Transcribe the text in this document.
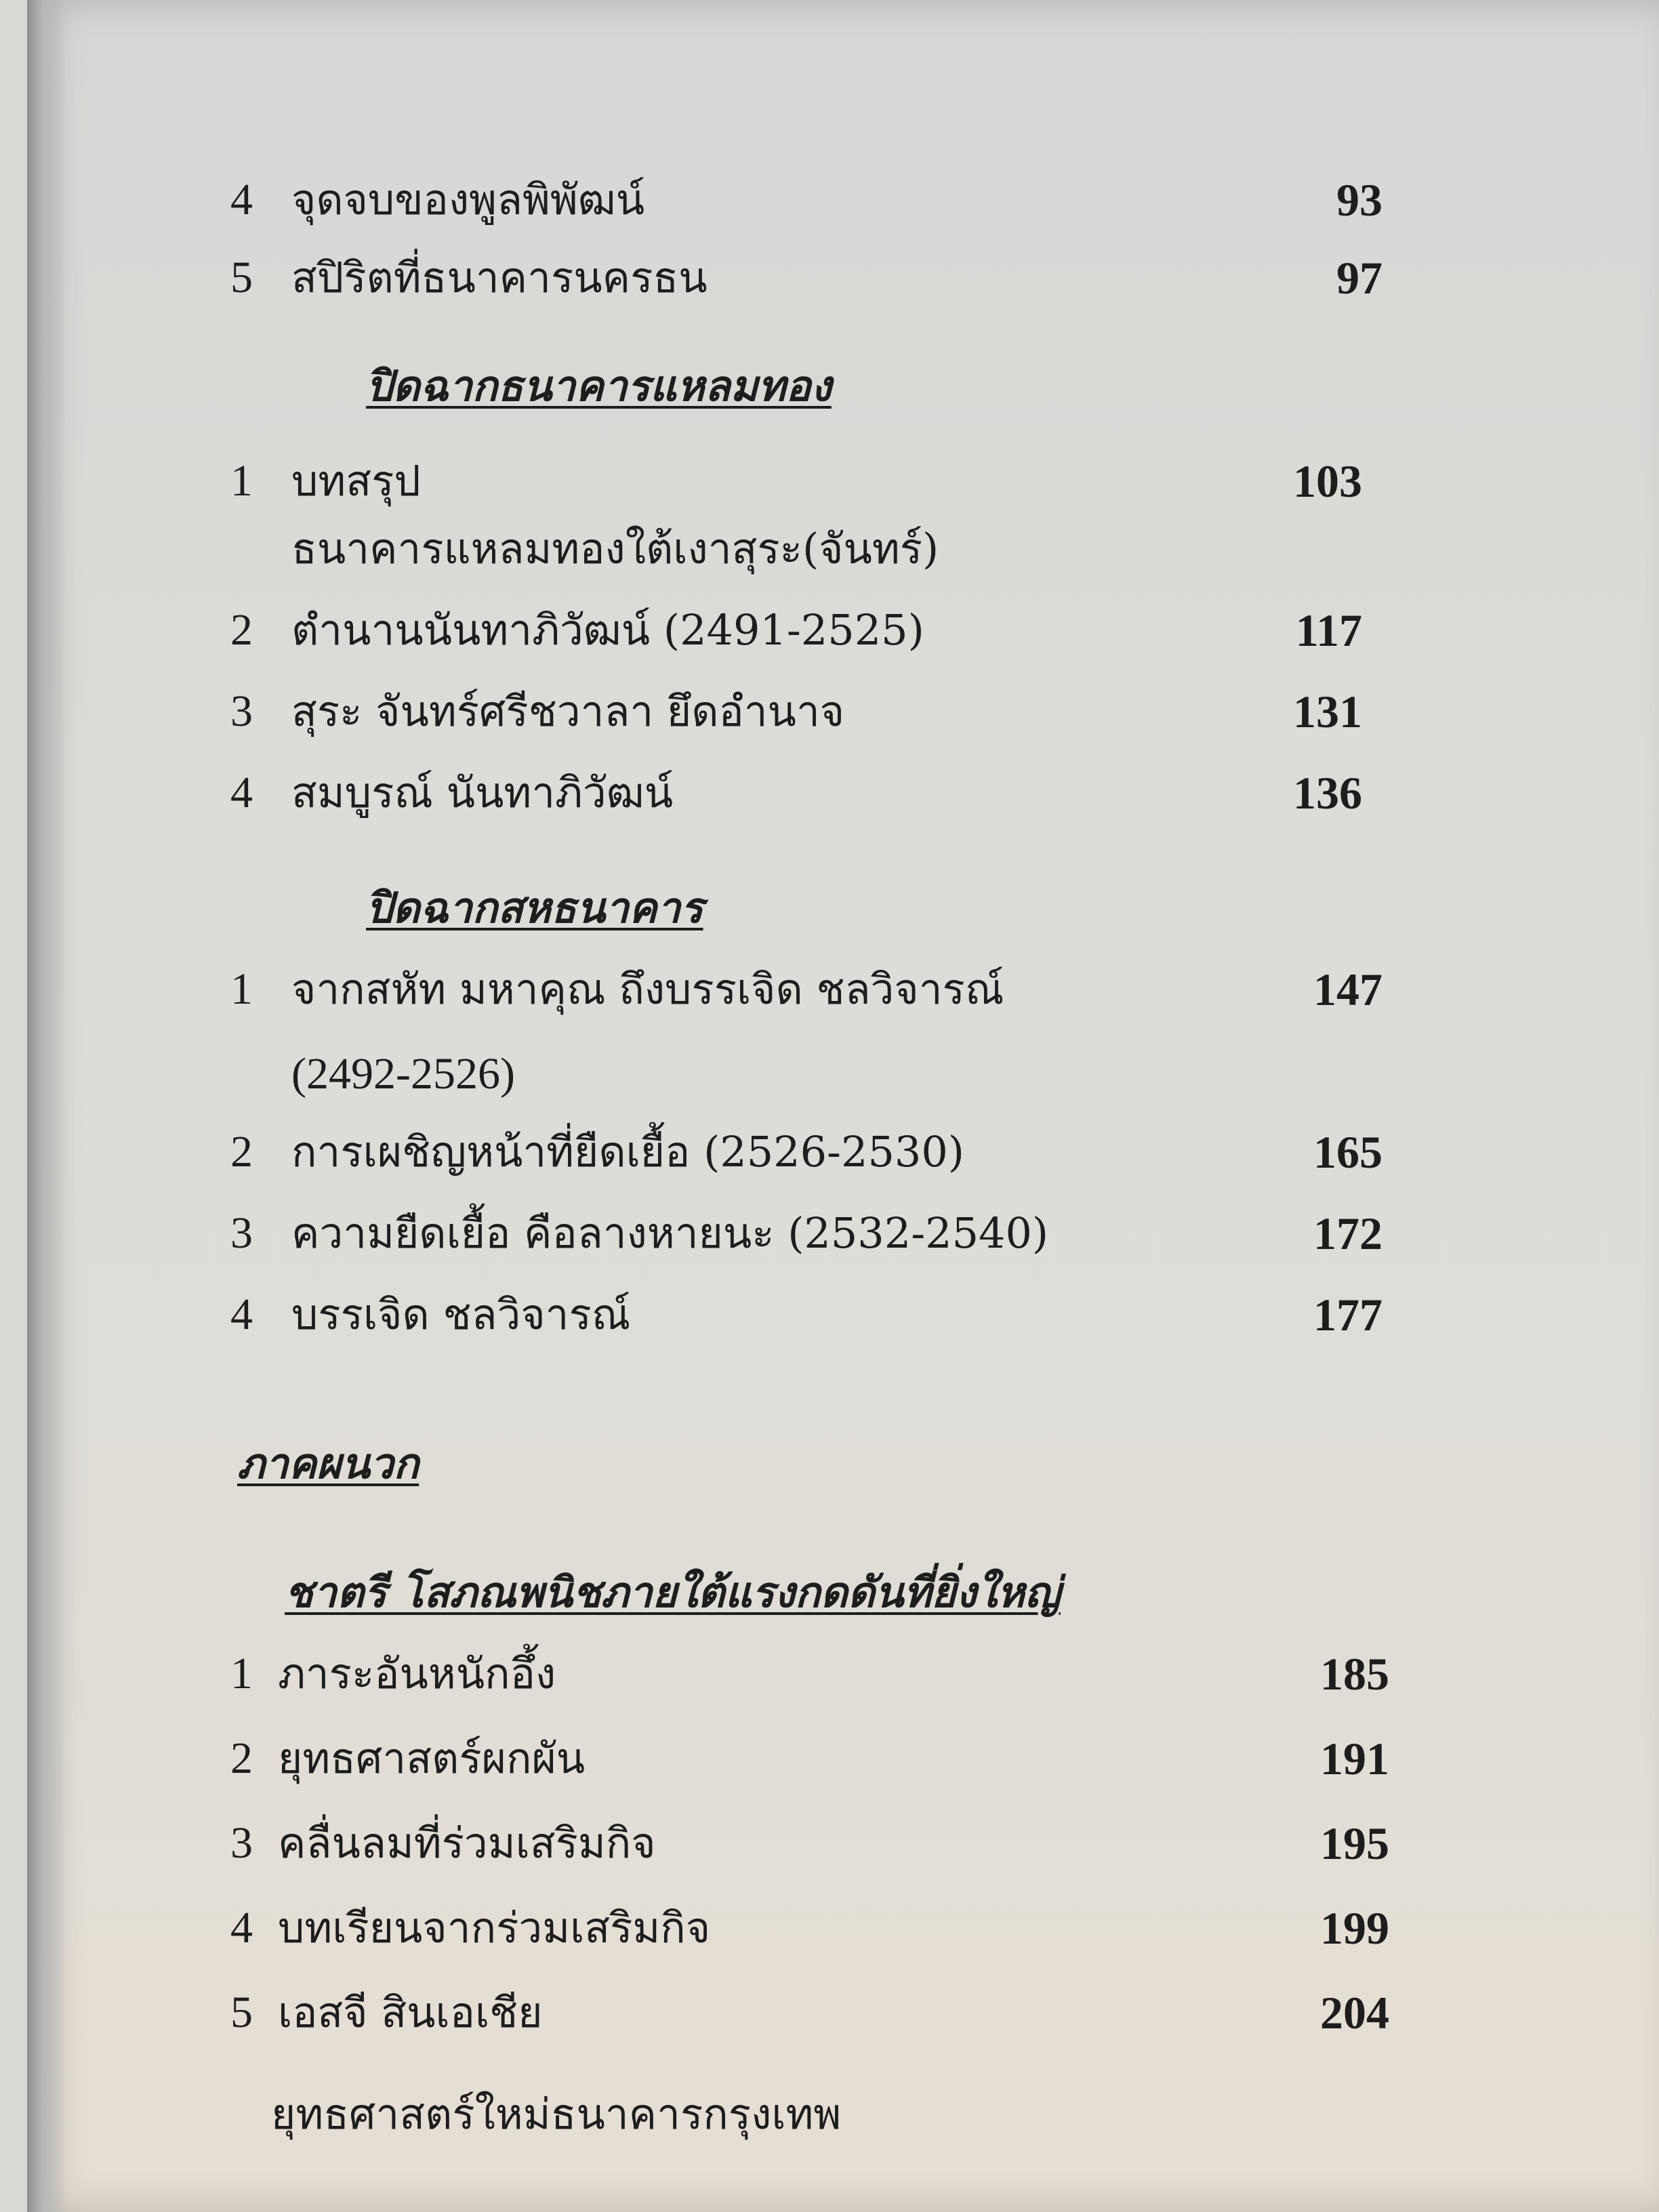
4 จุดจบของพูลพิพัฒน์	93
5 สปิริตที่ธนาคารนครธน	97
ปิดฉากธนาคารแหลมทอง
1 บทสรุป	103
ธนาคารแหลมทองใต้เงาสุระ(จันทร์)
2 ตำนานนันทาภิวัฒน์ (2491-2525)	117
3 สุระ จันทร์ศรีชวาลา ยึดอำนาจ	131
4 สมบูรณ์ นันทาภิวัฒน์	136
ปิดฉากสหธนาคาร
1 จากสหัท มหาคุณ ถึงบรรเจิด ชลวิจารณ์	147
(2492-2526)
2 การเผชิญหน้าที่ยืดเยื้อ (2526-2530)	165
3 ความยืดเยื้อ คือลางหายนะ (2532-2540)	172
4 บรรเจิด ชลวิจารณ์	177
ภาคผนวก
ชาตรี โสภณพนิชภายใต้แรงกดดันที่ยิ่งใหญ่
1 ภาระอันหนักอึ้ง	185
2 ยุทธศาสตร์ผกผัน	191
3 คลื่นลมที่ร่วมเสริมกิจ	195
4 บทเรียนจากร่วมเสริมกิจ	199
5 เอสจี สินเอเชีย	204
ยุทธศาสตร์ใหม่ธนาคารกรุงเทพ
